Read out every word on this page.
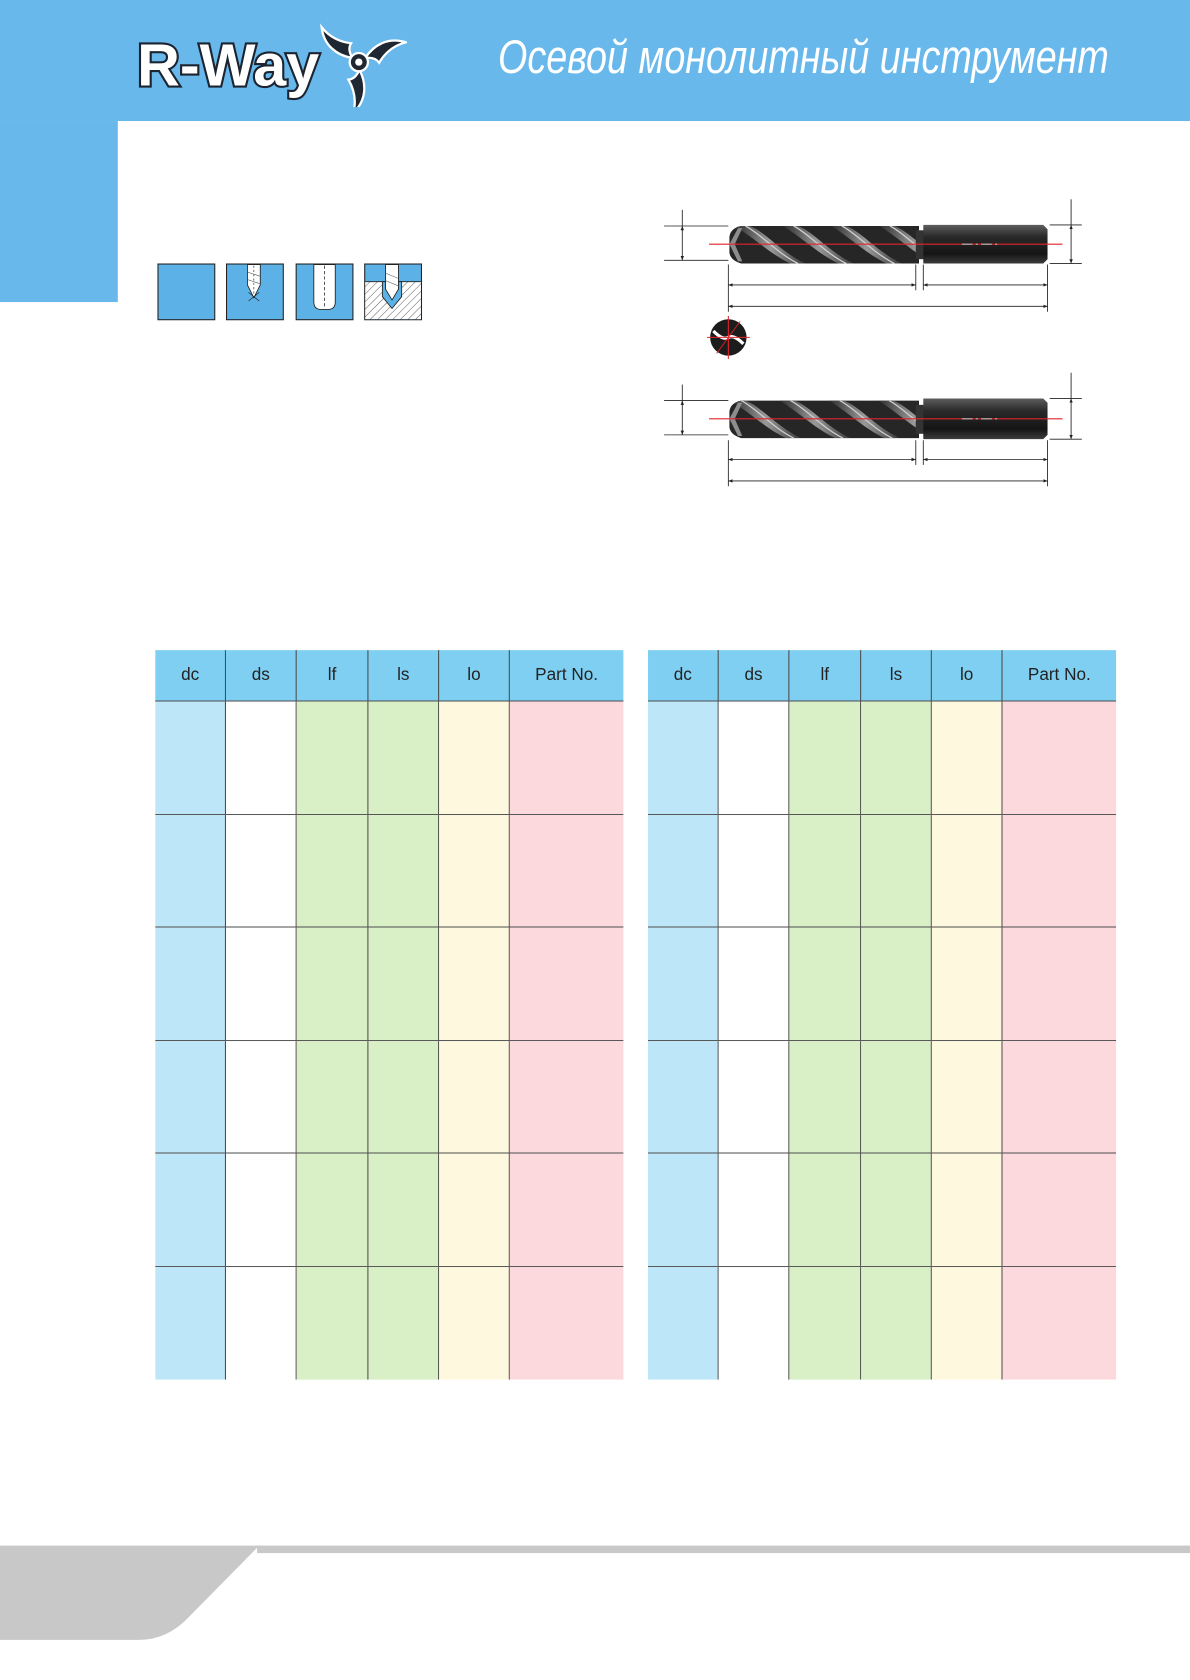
R-Way	Осевой монолитный инструмент
dc	ds	lf	ls	lo	Part No.	dc	ds	lf	ls	lo	Part No.
